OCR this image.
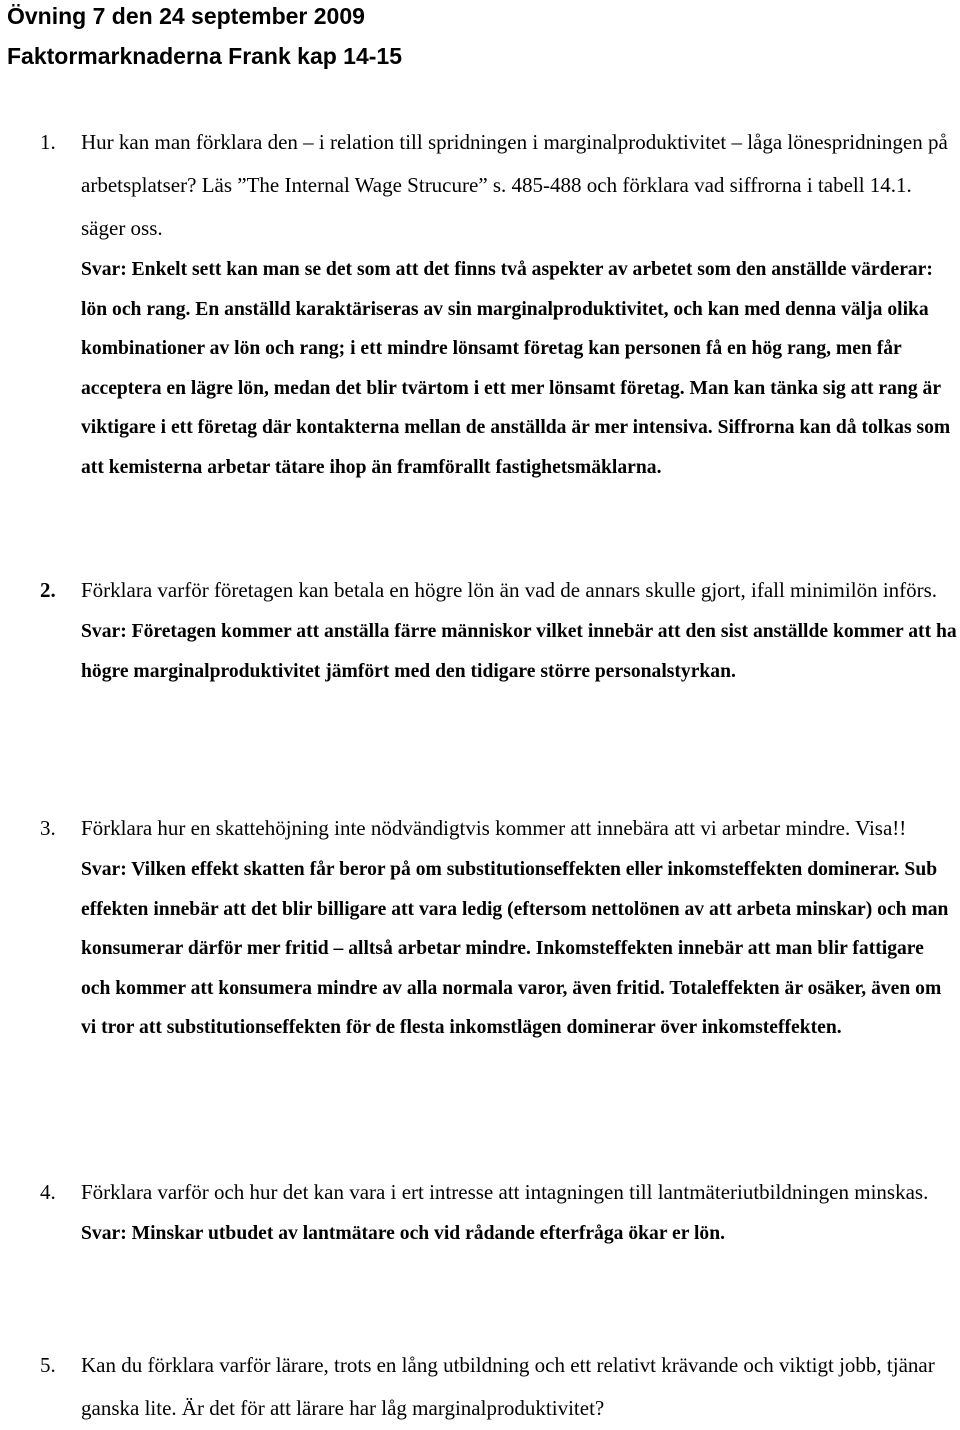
Övning 7 den 24 september 2009
Faktormarknaderna Frank kap 14-15
1. Hur kan man förklara den – i relation till spridningen i marginalproduktivitet – låga lönespridningen på arbetsplatser? Läs ”The Internal Wage Strucure” s. 485-488 och förklara vad siffrorna i tabell 14.1. säger oss.
Svar: Enkelt sett kan man se det som att det finns två aspekter av arbetet som den anställde värderar: lön och rang. En anställd karaktäriseras av sin marginalproduktivitet, och kan med denna välja olika kombinationer av lön och rang; i ett mindre lönsamt företag kan personen få en hög rang, men får acceptera en lägre lön, medan det blir tvärtom i ett mer lönsamt företag. Man kan tänka sig att rang är viktigare i ett företag där kontakterna mellan de anställda är mer intensiva. Siffrorna kan då tolkas som att kemisterna arbetar tätare ihop än framförallt fastighetsmäklarna.
2. Förklara varför företagen kan betala en högre lön än vad de annars skulle gjort, ifall minimilön införs.
Svar: Företagen kommer att anställa färre människor vilket innebär att den sist anställde kommer att ha högre marginalproduktivitet jämfört med den tidigare större personalstyrkan.
3. Förklara hur en skattehöjning inte nödvändigtvis kommer att innebära att vi arbetar mindre. Visa!!
Svar: Vilken effekt skatten får beror på om substitutionseffekten eller inkomsteffekten dominerar. Sub effekten innebär att det blir billigare att vara ledig (eftersom nettolönen av att arbeta minskar) och man konsumerar därför mer fritid – alltså arbetar mindre. Inkomsteffekten innebär att man blir fattigare och kommer att konsumera mindre av alla normala varor, även fritid. Totaleffekten är osäker, även om vi tror att substitutionseffekten för de flesta inkomstlägen dominerar över inkomsteffekten.
4. Förklara varför och hur det kan vara i ert intresse att intagningen till lantmäteriutbildningen minskas.
Svar: Minskar utbudet av lantmätare och vid rådande efterfråga ökar er lön.
5. Kan du förklara varför lärare, trots en lång utbildning och ett relativt krävande och viktigt jobb, tjänar ganska lite. Är det för att lärare har låg marginalproduktivitet?
